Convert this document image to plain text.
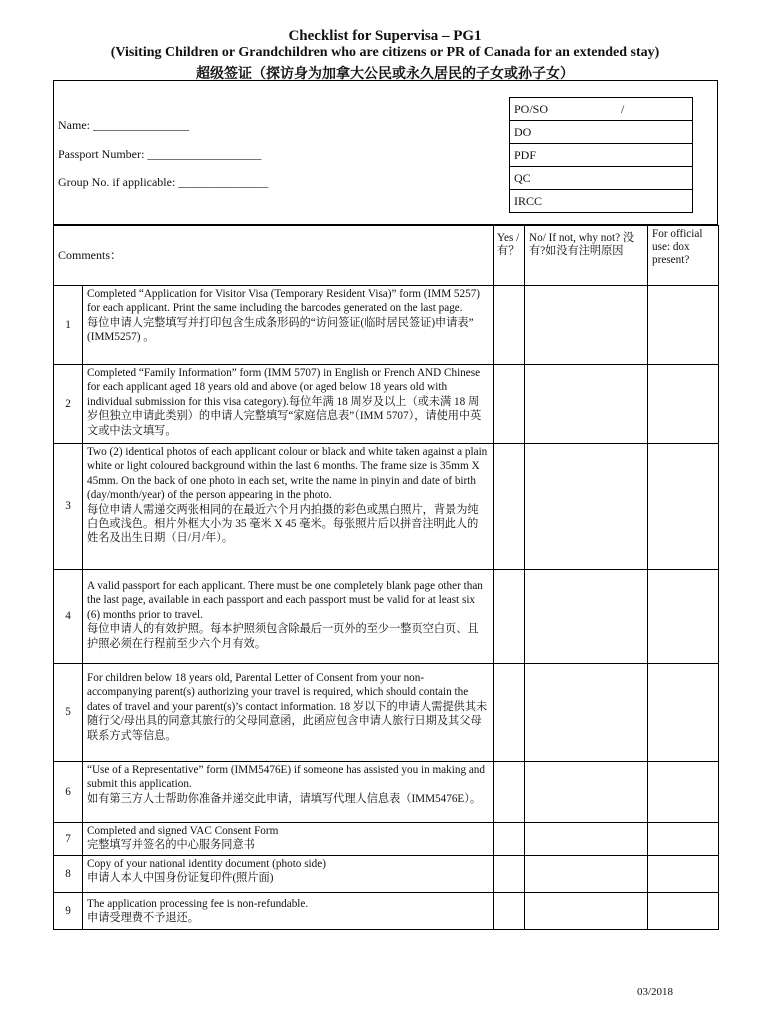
Checklist for Supervisa – PG1
(Visiting Children or Grandchildren who are citizens or PR of Canada for an extended stay)
超级签证（探访身为加拿大公民或永久居民的子女或孙子女）
Name: ________________
Passport Number: ___________________
Group No. if applicable: _______________
PO/SO	/
DO
PDF
QC
IRCC
Comments：		Yes / 有？	No/ If not, why not? 没有?如没有注明原因	For official use: dox present?
1	Completed “Application for Visitor Visa (Temporary Resident Visa)” form (IMM 5257) for each applicant. Print the same including the barcodes generated on the last page.
每位申请人完整填写并打印包含生成条形码的“访问签证(临时居民签证)申请表” (IMM5257) 。			

2	Completed “Family Information” form (IMM 5707) in English or French AND Chinese for each applicant aged 18 years old and above (or aged below 18 years old with individual submission for this visa category).每位年满 18 周岁及以上（或未满 18 周岁但独立申请此类别）的申请人完整填写“家庭信息表”（IMM 5707），请使用中英文或中法文填写。			
3	Two (2) identical photos of each applicant colour or black and white taken against a plain white or light coloured background within the last 6 months. The frame size is 35mm X 45mm. On the back of one photo in each set, write the name in pinyin and date of birth (day/month/year) of the person appearing in the photo.
每位申请人需递交两张相同的在最近六个月内拍摄的彩色或黑白照片，背景为纯白色或浅色。相片外框大小为 35 毫米 X 45 毫米。每张照片后以拼音注明此人的姓名及出生日期（日/月/年）。			

4	A valid passport for each applicant. There must be one completely blank page other than the last page, available in each passport and each passport must be valid for at least six (6) months prior to travel.
每位申请人的有效护照。每本护照须包含除最后一页外的至少一整页空白页、且护照必须在行程前至少六个月有效。			

5	For children below 18 years old, Parental Letter of Consent from your non-accompanying parent(s) authorizing your travel is required, which should contain the dates of travel and your parent(s)’s contact information. 18 岁以下的申请人需提供其未随行父/母出具的同意其旅行的父母同意函，此函应包含申请人旅行日期及其父母联系方式等信息。			
6	“Use of a Representative” form (IMM5476E) if someone has assisted you in making and submit this application.
如有第三方人士帮助你准备并递交此申请，请填写代理人信息表（IMM5476E）。			

7	Completed and signed VAC Consent Form
完整填写并签名的中心服务同意书			

8	Copy of your national identity document (photo side)
申请人本人中国身份证复印件(照片面)			

9	The application processing fee is non-refundable.
申请受理费不予退还。			

03/2018
